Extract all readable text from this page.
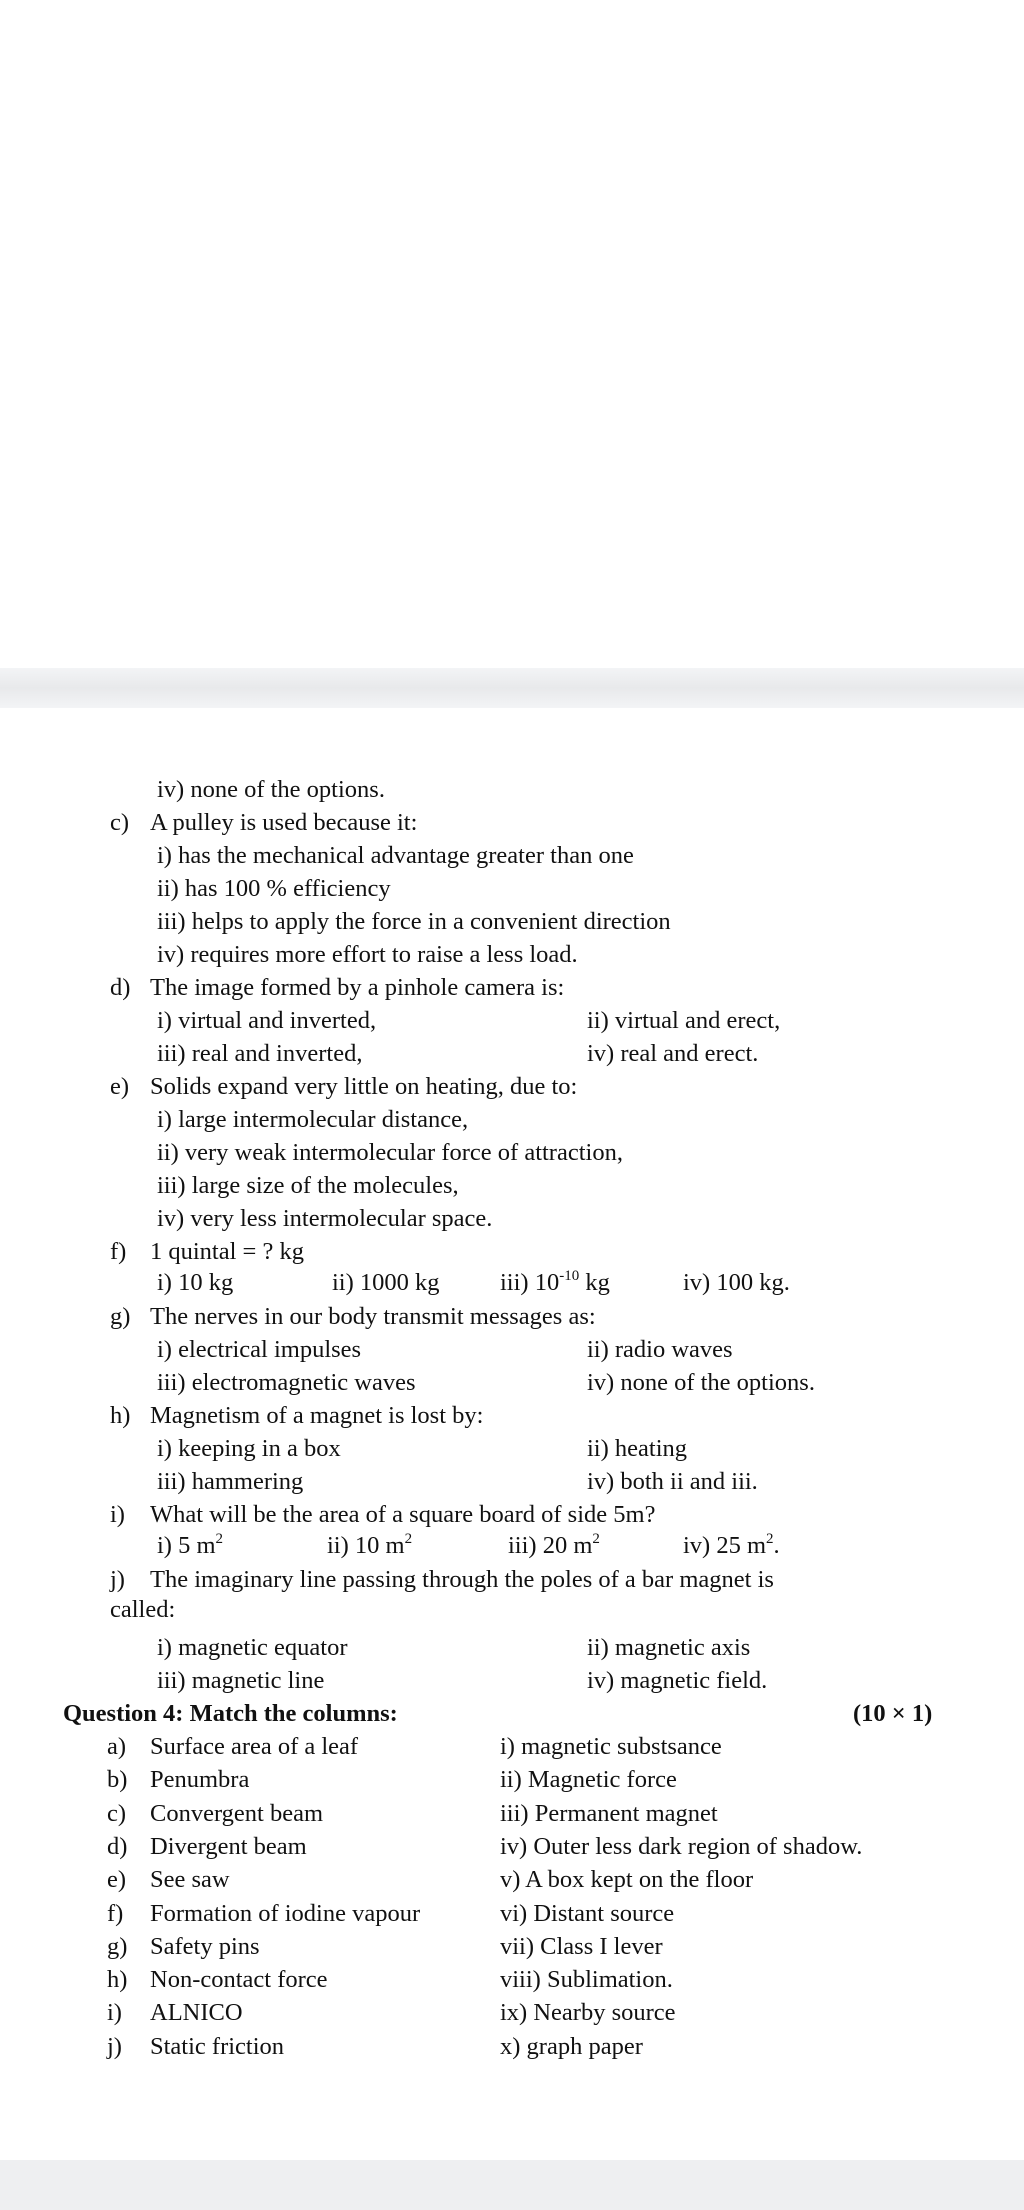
iv) none of the options.
c) A pulley is used because it:
i) has the mechanical advantage greater than one
ii) has 100 % efficiency
iii) helps to apply the force in a convenient direction
iv) requires more effort to raise a less load.
d) The image formed by a pinhole camera is:
i) virtual and inverted,	ii) virtual and erect,
iii) real and inverted,	iv) real and erect.
e) Solids expand very little on heating, due to:
i) large intermolecular distance,
ii) very weak intermolecular force of attraction,
iii) large size of the molecules,
iv) very less intermolecular space.
f) 1 quintal = ? kg
i) 10 kg	ii) 1000 kg iii) $10^{-10}$ kg	iv) 100 kg.
g) The nerves in our body transmit messages as:
i) electrical impulses	ii) radio waves
iii) electromagnetic waves	iv) none of the options.
h) Magnetism of a magnet is lost by:
i) keeping in a box	ii) heating
iii) hammering	iv) both ii and iii.
i) What will be the area of a square board of side 5m?
i) 5 $m^2$	ii) 10 $m^2$	iii) 20 $m^2$	iv) 25 $m^2$.
j) The imaginary line passing through the poles of a bar magnet is
called:
i) magnetic equator	ii) magnetic axis
iii) magnetic line	iv) magnetic field.
Question 4: Match the columns:	(10 × 1)
a) Surface area of a leaf	i) magnetic substsance
b) Penumbra	ii) Magnetic force
c) Convergent beam	iii) Permanent magnet
d) Divergent beam	iv) Outer less dark region of shadow.
e) See saw	v) A box kept on the floor
f) Formation of iodine vapour	vi) Distant source
g) Safety pins	vii) Class I lever
h) Non-contact force	viii) Sublimation.
i) ALNICO	ix) Nearby source
j) Static friction	x) graph paper
